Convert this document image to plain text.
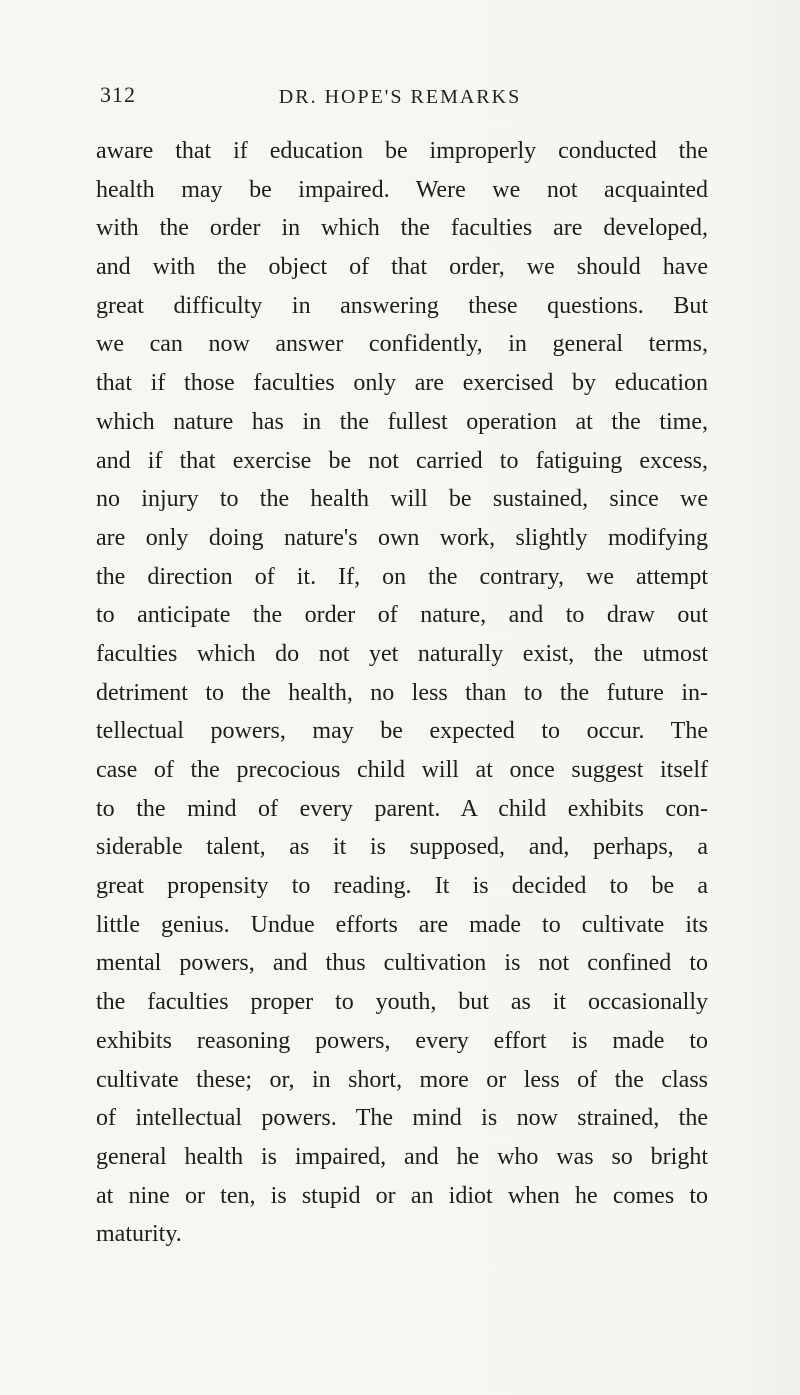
312	DR. HOPE'S REMARKS
aware that if education be improperly conducted the
health may be impaired. Were we not acquainted
with the order in which the faculties are developed,
and with the object of that order, we should have
great difficulty in answering these questions. But
we can now answer confidently, in general terms,
that if those faculties only are exercised by education
which nature has in the fullest operation at the time,
and if that exercise be not carried to fatiguing excess,
no injury to the health will be sustained, since we
are only doing nature's own work, slightly modifying
the direction of it. If, on the contrary, we attempt
to anticipate the order of nature, and to draw out
faculties which do not yet naturally exist, the utmost
detriment to the health, no less than to the future in-
tellectual powers, may be expected to occur. The
case of the precocious child will at once suggest itself
to the mind of every parent. A child exhibits con-
siderable talent, as it is supposed, and, perhaps, a
great propensity to reading. It is decided to be a
little genius. Undue efforts are made to cultivate its
mental powers, and thus cultivation is not confined to
the faculties proper to youth, but as it occasionally
exhibits reasoning powers, every effort is made to
cultivate these; or, in short, more or less of the class
of intellectual powers. The mind is now strained, the
general health is impaired, and he who was so bright
at nine or ten, is stupid or an idiot when he comes to
maturity.
